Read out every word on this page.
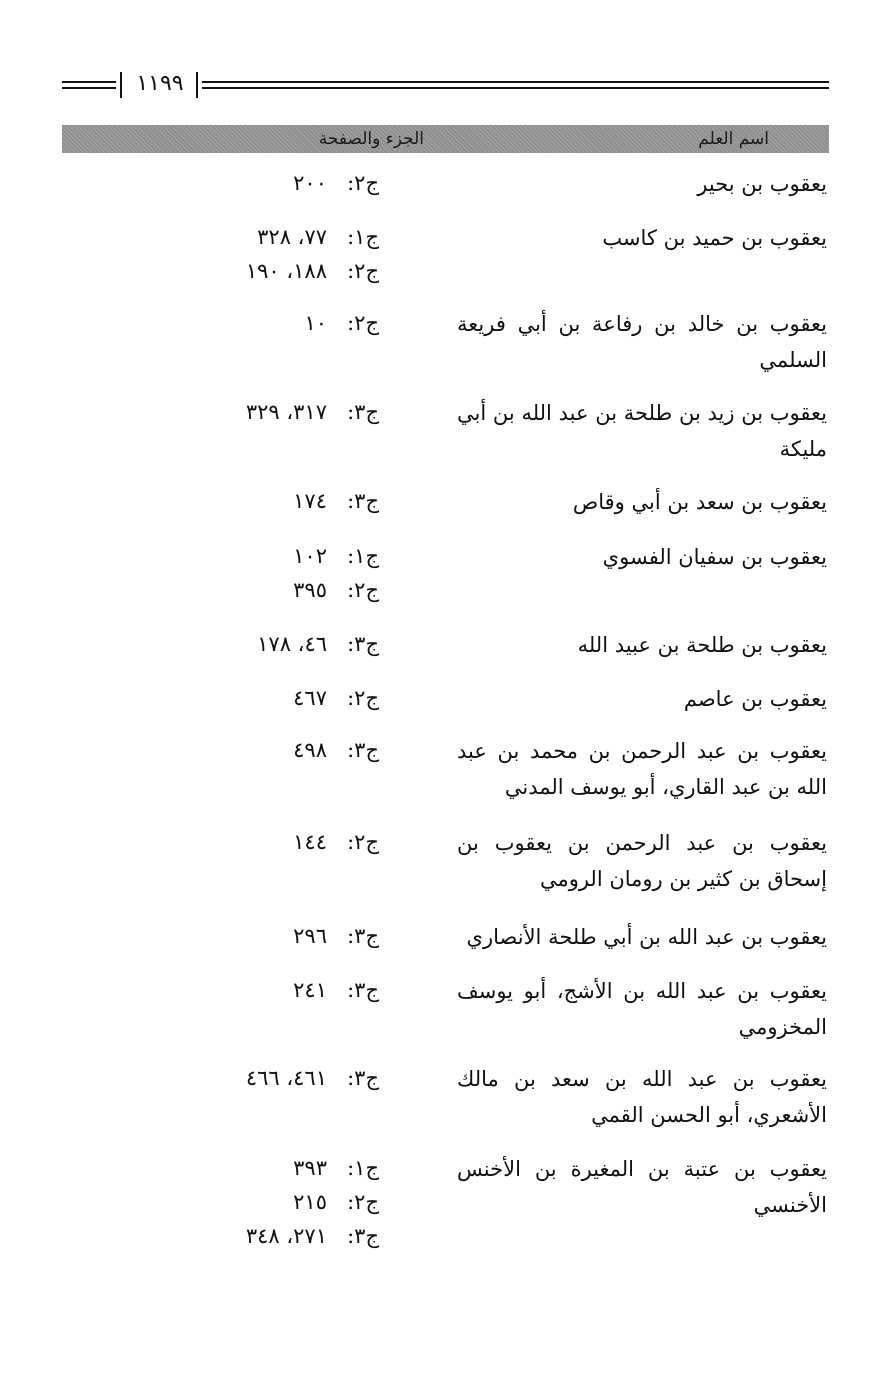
١١٩٩
اسم العلم
الجزء والصفحة
يعقوب بن بحير
ج٢:
٢٠٠
يعقوب بن حميد بن كاسب
ج١:
٧٧، ٣٢٨
ج٢:
١٨٨، ١٩٠
يعقوب بن خالد بن رفاعة بن أبي فريعة السلمي
ج٢:
١٠
يعقوب بن زيد بن طلحة بن عبد الله بن أبي مليكة
ج٣:
٣١٧، ٣٢٩
يعقوب بن سعد بن أبي وقاص
ج٣:
١٧٤
يعقوب بن سفيان الفسوي
ج١:
١٠٢
ج٢:
٣٩٥
يعقوب بن طلحة بن عبيد الله
ج٣:
٤٦، ١٧٨
يعقوب بن عاصم
ج٢:
٤٦٧
يعقوب بن عبد الرحمن بن محمد بن عبد الله بن عبد القاري، أبو يوسف المدني
ج٣:
٤٩٨
يعقوب بن عبد الرحمن بن يعقوب بن إسحاق بن كثير بن رومان الرومي
ج٢:
١٤٤
يعقوب بن عبد الله بن أبي طلحة الأنصاري
ج٣:
٢٩٦
يعقوب بن عبد الله بن الأشج، أبو يوسف المخزومي
ج٣:
٢٤١
يعقوب بن عبد الله بن سعد بن مالك الأشعري، أبو الحسن القمي
ج٣:
٤٦١، ٤٦٦
يعقوب بن عتبة بن المغيرة بن الأخنس الأخنسي
ج١:
٣٩٣
ج٢:
٢١٥
ج٣:
٢٧١، ٣٤٨
